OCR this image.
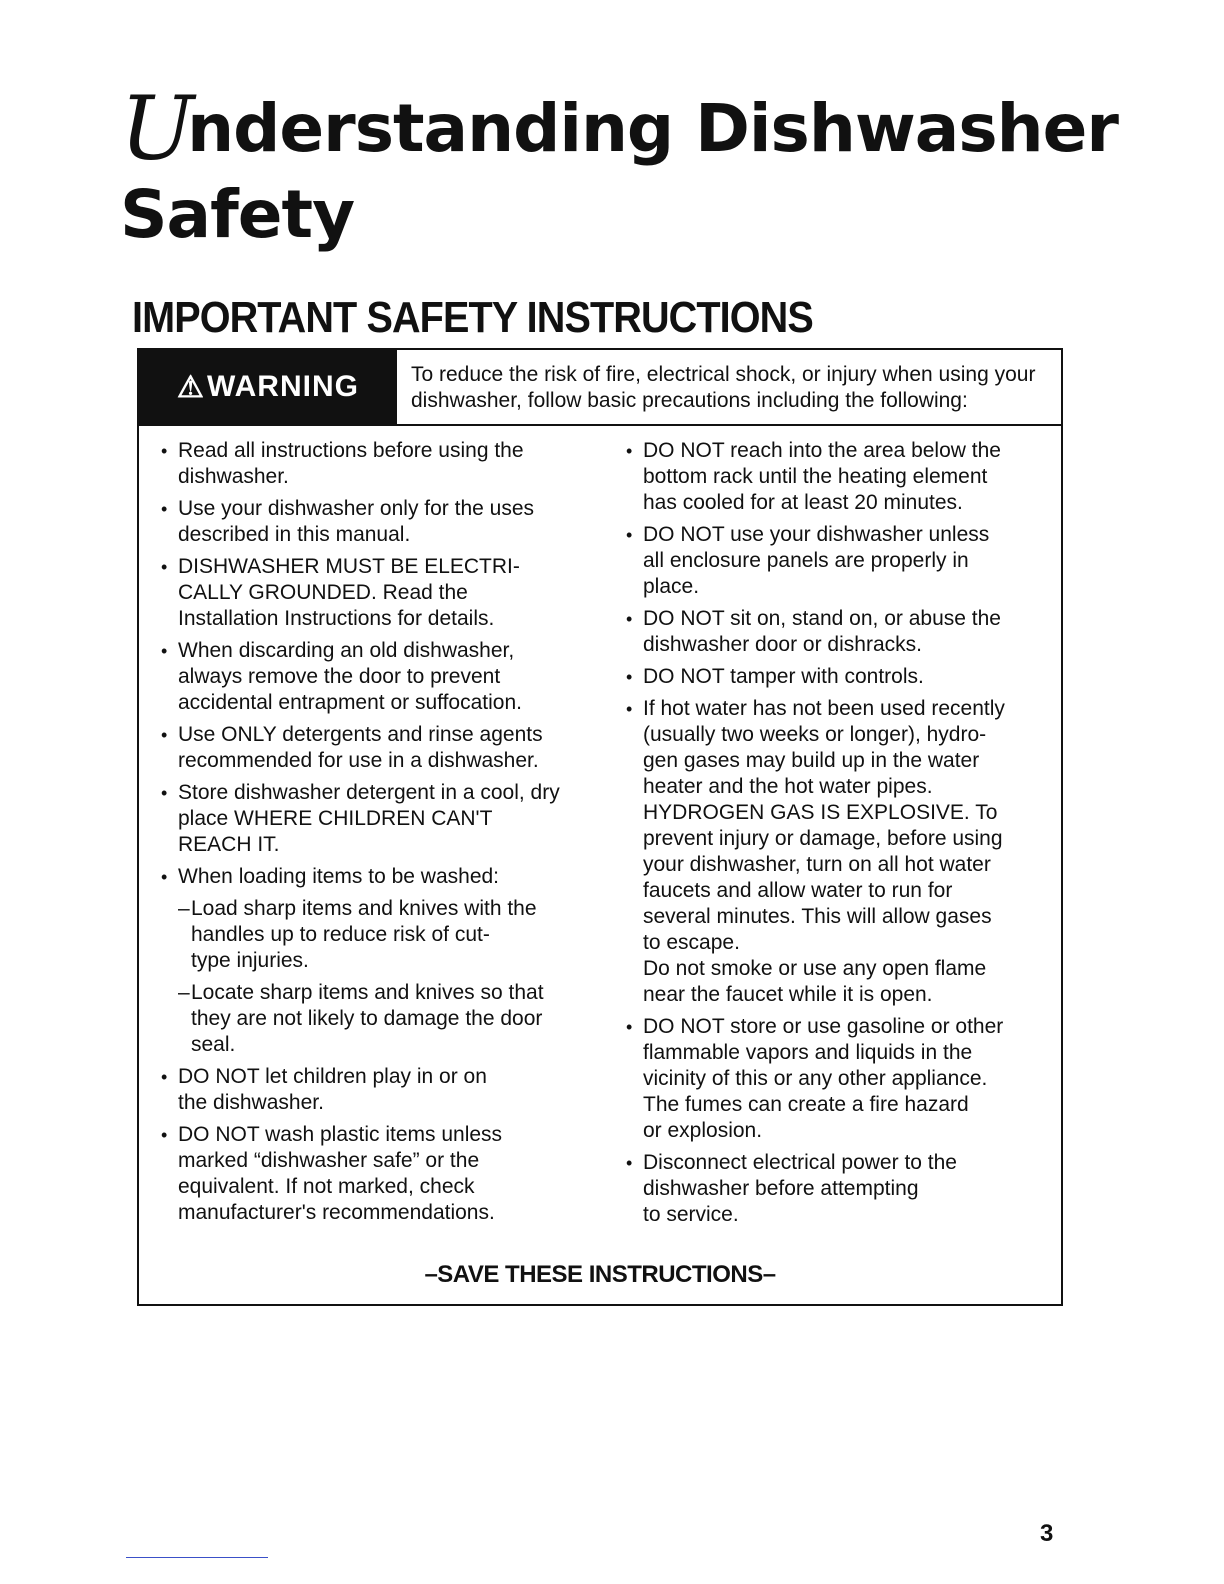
Understanding Dishwasher
Safety
IMPORTANT SAFETY INSTRUCTIONS
⚠ WARNING To reduce the risk of fire, electrical shock, or injury when using your dishwasher, follow basic precautions including the following:
• Read all instructions before using the
dishwasher.
• Use your dishwasher only for the uses
described in this manual.
• DISHWASHER MUST BE ELECTRI-
CALLY GROUNDED. Read the
Installation Instructions for details.
• When discarding an old dishwasher,
always remove the door to prevent
accidental entrapment or suffocation.
• Use ONLY detergents and rinse agents
recommended for use in a dishwasher.
• Store dishwasher detergent in a cool, dry
place WHERE CHILDREN CAN'T
REACH IT.
• When loading items to be washed:
– Load sharp items and knives with the
handles up to reduce risk of cut-
type injuries.
– Locate sharp items and knives so that
they are not likely to damage the door
seal.
• DO NOT let children play in or on
the dishwasher.
• DO NOT wash plastic items unless
marked “dishwasher safe” or the
equivalent. If not marked, check
manufacturer's recommendations.
• DO NOT reach into the area below the
bottom rack until the heating element
has cooled for at least 20 minutes.
• DO NOT use your dishwasher unless
all enclosure panels are properly in
place.
• DO NOT sit on, stand on, or abuse the
dishwasher door or dishracks.
• DO NOT tamper with controls.
• If hot water has not been used recently
(usually two weeks or longer), hydro-
gen gases may build up in the water
heater and the hot water pipes.
HYDROGEN GAS IS EXPLOSIVE. To
prevent injury or damage, before using
your dishwasher, turn on all hot water
faucets and allow water to run for
several minutes. This will allow gases
to escape.
Do not smoke or use any open flame
near the faucet while it is open.
• DO NOT store or use gasoline or other
flammable vapors and liquids in the
vicinity of this or any other appliance.
The fumes can create a fire hazard
or explosion.
• Disconnect electrical power to the
dishwasher before attempting
to service.
–SAVE THESE INSTRUCTIONS–
3
